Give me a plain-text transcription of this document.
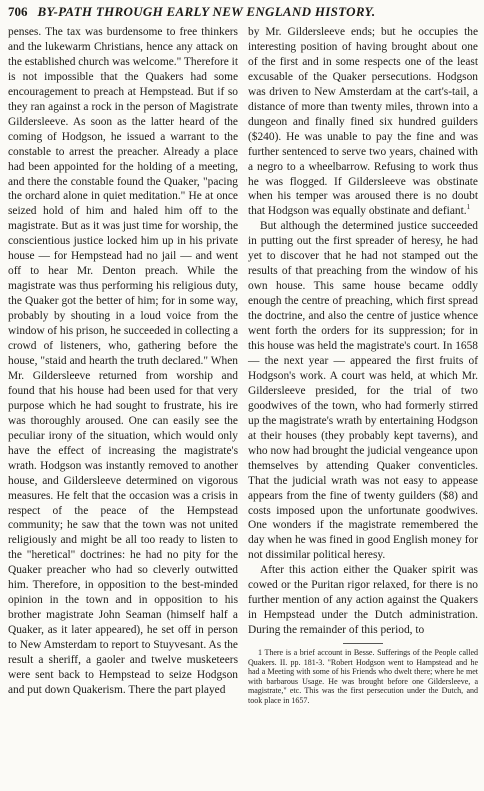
706 BY-PATH THROUGH EARLY NEW ENGLAND HISTORY.

penses. The tax was burdensome to free thinkers and the lukewarm Christians, hence any attack on the established church was welcome." Therefore it is not impossible that the Quakers had some encouragement to preach at Hempstead. But if so they ran against a rock in the person of Magistrate Gildersleeve. As soon as the latter heard of the coming of Hodgson, he issued a warrant to the constable to arrest the preacher. Already a place had been appointed for the holding of a meeting, and there the constable found the Quaker, "pacing the orchard alone in quiet meditation." He at once seized hold of him and haled him off to the magistrate. But as it was just time for worship, the conscientious justice locked him up in his private house — for Hempstead had no jail — and went off to hear Mr. Denton preach. While the magistrate was thus performing his religious duty, the Quaker got the better of him; for in some way, probably by shouting in a loud voice from the window of his prison, he succeeded in collecting a crowd of listeners, who, gathering before the house, "staid and hearth the truth declared." When Mr. Gildersleeve returned from worship and found that his house had been used for that very purpose which he had sought to frustrate, his ire was thoroughly aroused. One can easily see the peculiar irony of the situation, which would only have the effect of increasing the magistrate's wrath. Hodgson was instantly removed to another house, and Gildersleeve determined on vigorous measures. He felt that the occasion was a crisis in respect of the peace of the Hempstead community; he saw that the town was not united religiously and might be all too ready to listen to the "heretical" doctrines: he had no pity for the Quaker preacher who had so cleverly outwitted him. Therefore, in opposition to the best-minded opinion in the town and in opposition to his brother magistrate John Seaman (himself half a Quaker, as it later appeared), he set off in person to New Amsterdam to report to Stuyvesant. As the result a sheriff, a gaoler and twelve musketeers were sent back to Hempstead to seize Hodgson and put down Quakerism. There the part played

by Mr. Gildersleeve ends; but he occupies the interesting position of having brought about one of the first and in some respects one of the least excusable of the Quaker persecutions. Hodgson was driven to New Amsterdam at the cart's-tail, a distance of more than twenty miles, thrown into a dungeon and finally fined six hundred guilders ($240). He was unable to pay the fine and was further sentenced to serve two years, chained with a negro to a wheelbarrow. Refusing to work thus he was flogged. If Gildersleeve was obstinate when his temper was aroused there is no doubt that Hodgson was equally obstinate and defiant.$^1$

But although the determined justice succeeded in putting out the first spreader of heresy, he had yet to discover that he had not stamped out the results of that preaching from the window of his own house. This same house became oddly enough the centre of preaching, which first spread the doctrine, and also the centre of justice whence went forth the orders for its suppression; for in this house was held the magistrate's court. In 1658 — the next year — appeared the first fruits of Hodgson's work. A court was held, at which Mr. Gildersleeve presided, for the trial of two goodwives of the town, who had formerly stirred up the magistrate's wrath by entertaining Hodgson at their houses (they probably kept taverns), and who now had brought the judicial vengeance upon themselves by attending Quaker conventicles. That the judicial wrath was not easy to appease appears from the fine of twenty guilders ($8) and costs imposed upon the unfortunate goodwives. One wonders if the magistrate remembered the day when he was fined in good English money for not dissimilar political heresy.

After this action either the Quaker spirit was cowed or the Puritan rigor relaxed, for there is no further mention of any action against the Quakers in Hempstead under the Dutch administration. During the remainder of this period, to

1 There is a brief account in Besse. Sufferings of the People called Quakers. II. pp. 181-3. "Robert Hodgson went to Hampstead and he had a Meeting with some of his Friends who dwelt there; where he met with barbarous Usage. He was brought before one Gildersleeve, a magistrate," etc. This was the first persecution under the Dutch, and took place in 1657.
